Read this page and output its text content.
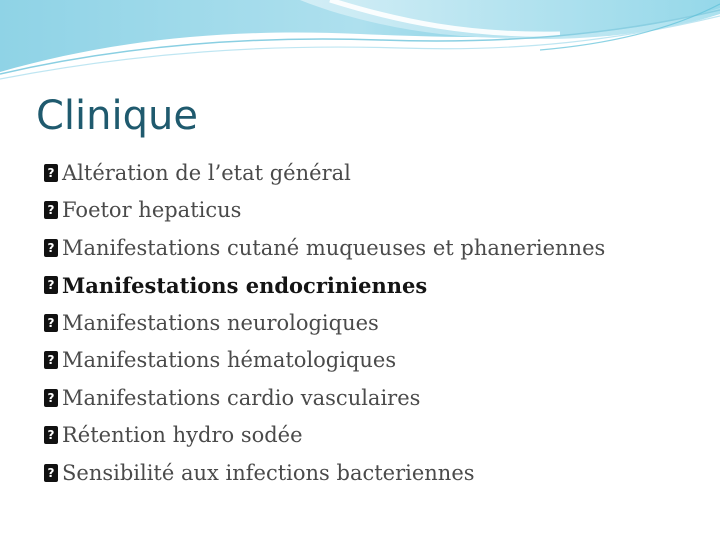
Clinique
? Altération de l’etat général
? Foetor hepaticus
? Manifestations cutané muqueuses et phaneriennes
? Manifestations endocriniennes
? Manifestations neurologiques
? Manifestations hématologiques
? Manifestations cardio vasculaires
? Rétention hydro sodée
? Sensibilité aux infections bacteriennes
